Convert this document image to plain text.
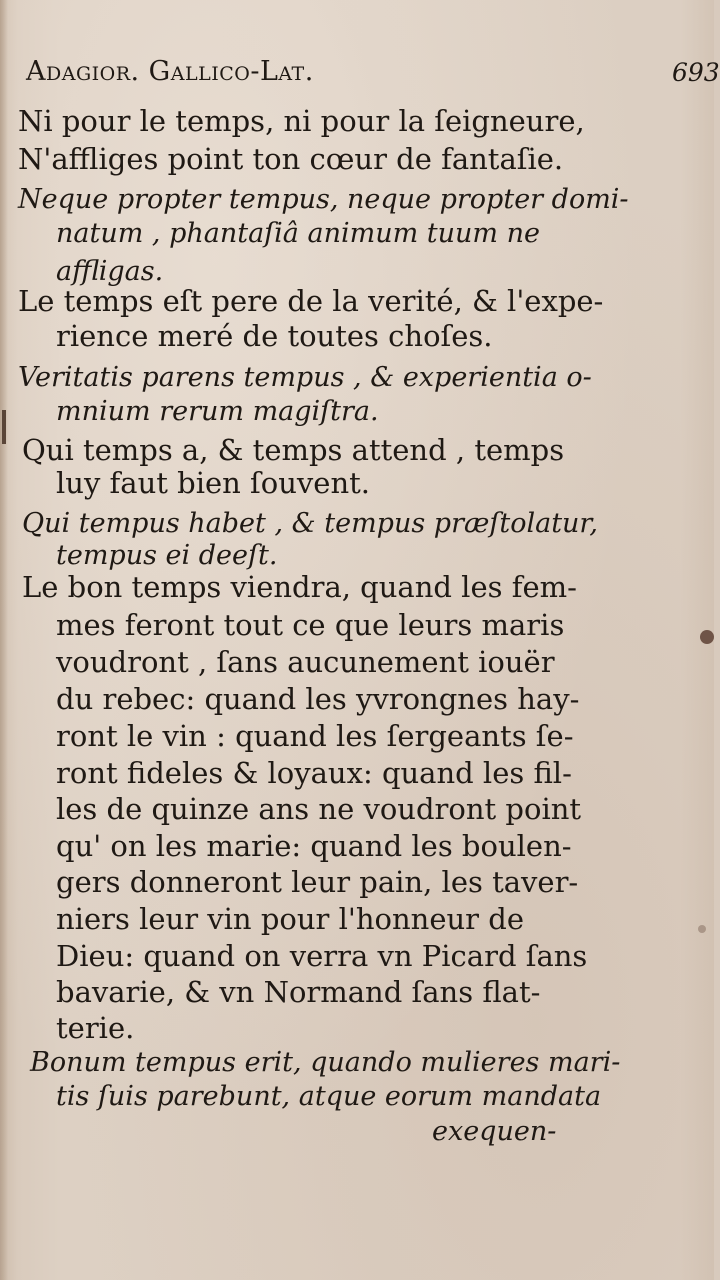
Adagior. Gallico-Lat.	693
Ni pour le temps, ni pour la ſeigneure,
N'affliges point ton cœur de fantaſie.
Neque propter tempus, neque propter domi-
natum , phantaſiâ animum tuum ne
affligas.
Le temps eſt pere de la verité, & l'expe-
rience meré de toutes choſes.
Veritatis parens tempus , & experientia o-
mnium rerum magiſtra.
Qui temps a, & temps attend , temps
luy faut bien ſouvent.
Qui tempus habet , & tempus præſtolatur,
tempus ei deeſt.
Le bon temps viendra, quand les fem-
mes feront tout ce que leurs maris
voudront , ſans aucunement iouër
du rebec: quand les yvrongnes hay-
ront le vin : quand les ſergeants ſe-
ront fideles & loyaux: quand les fil-
les de quinze ans ne voudront point
qu' on les marie: quand les boulen-
gers donneront leur pain, les taver-
niers leur vin pour l'honneur de
Dieu: quand on verra vn Picard ſans
bavarie, & vn Normand ſans flat-
terie.
Bonum tempus erit, quando mulieres mari-
tis ſuis parebunt, atque eorum mandata
exequen-
